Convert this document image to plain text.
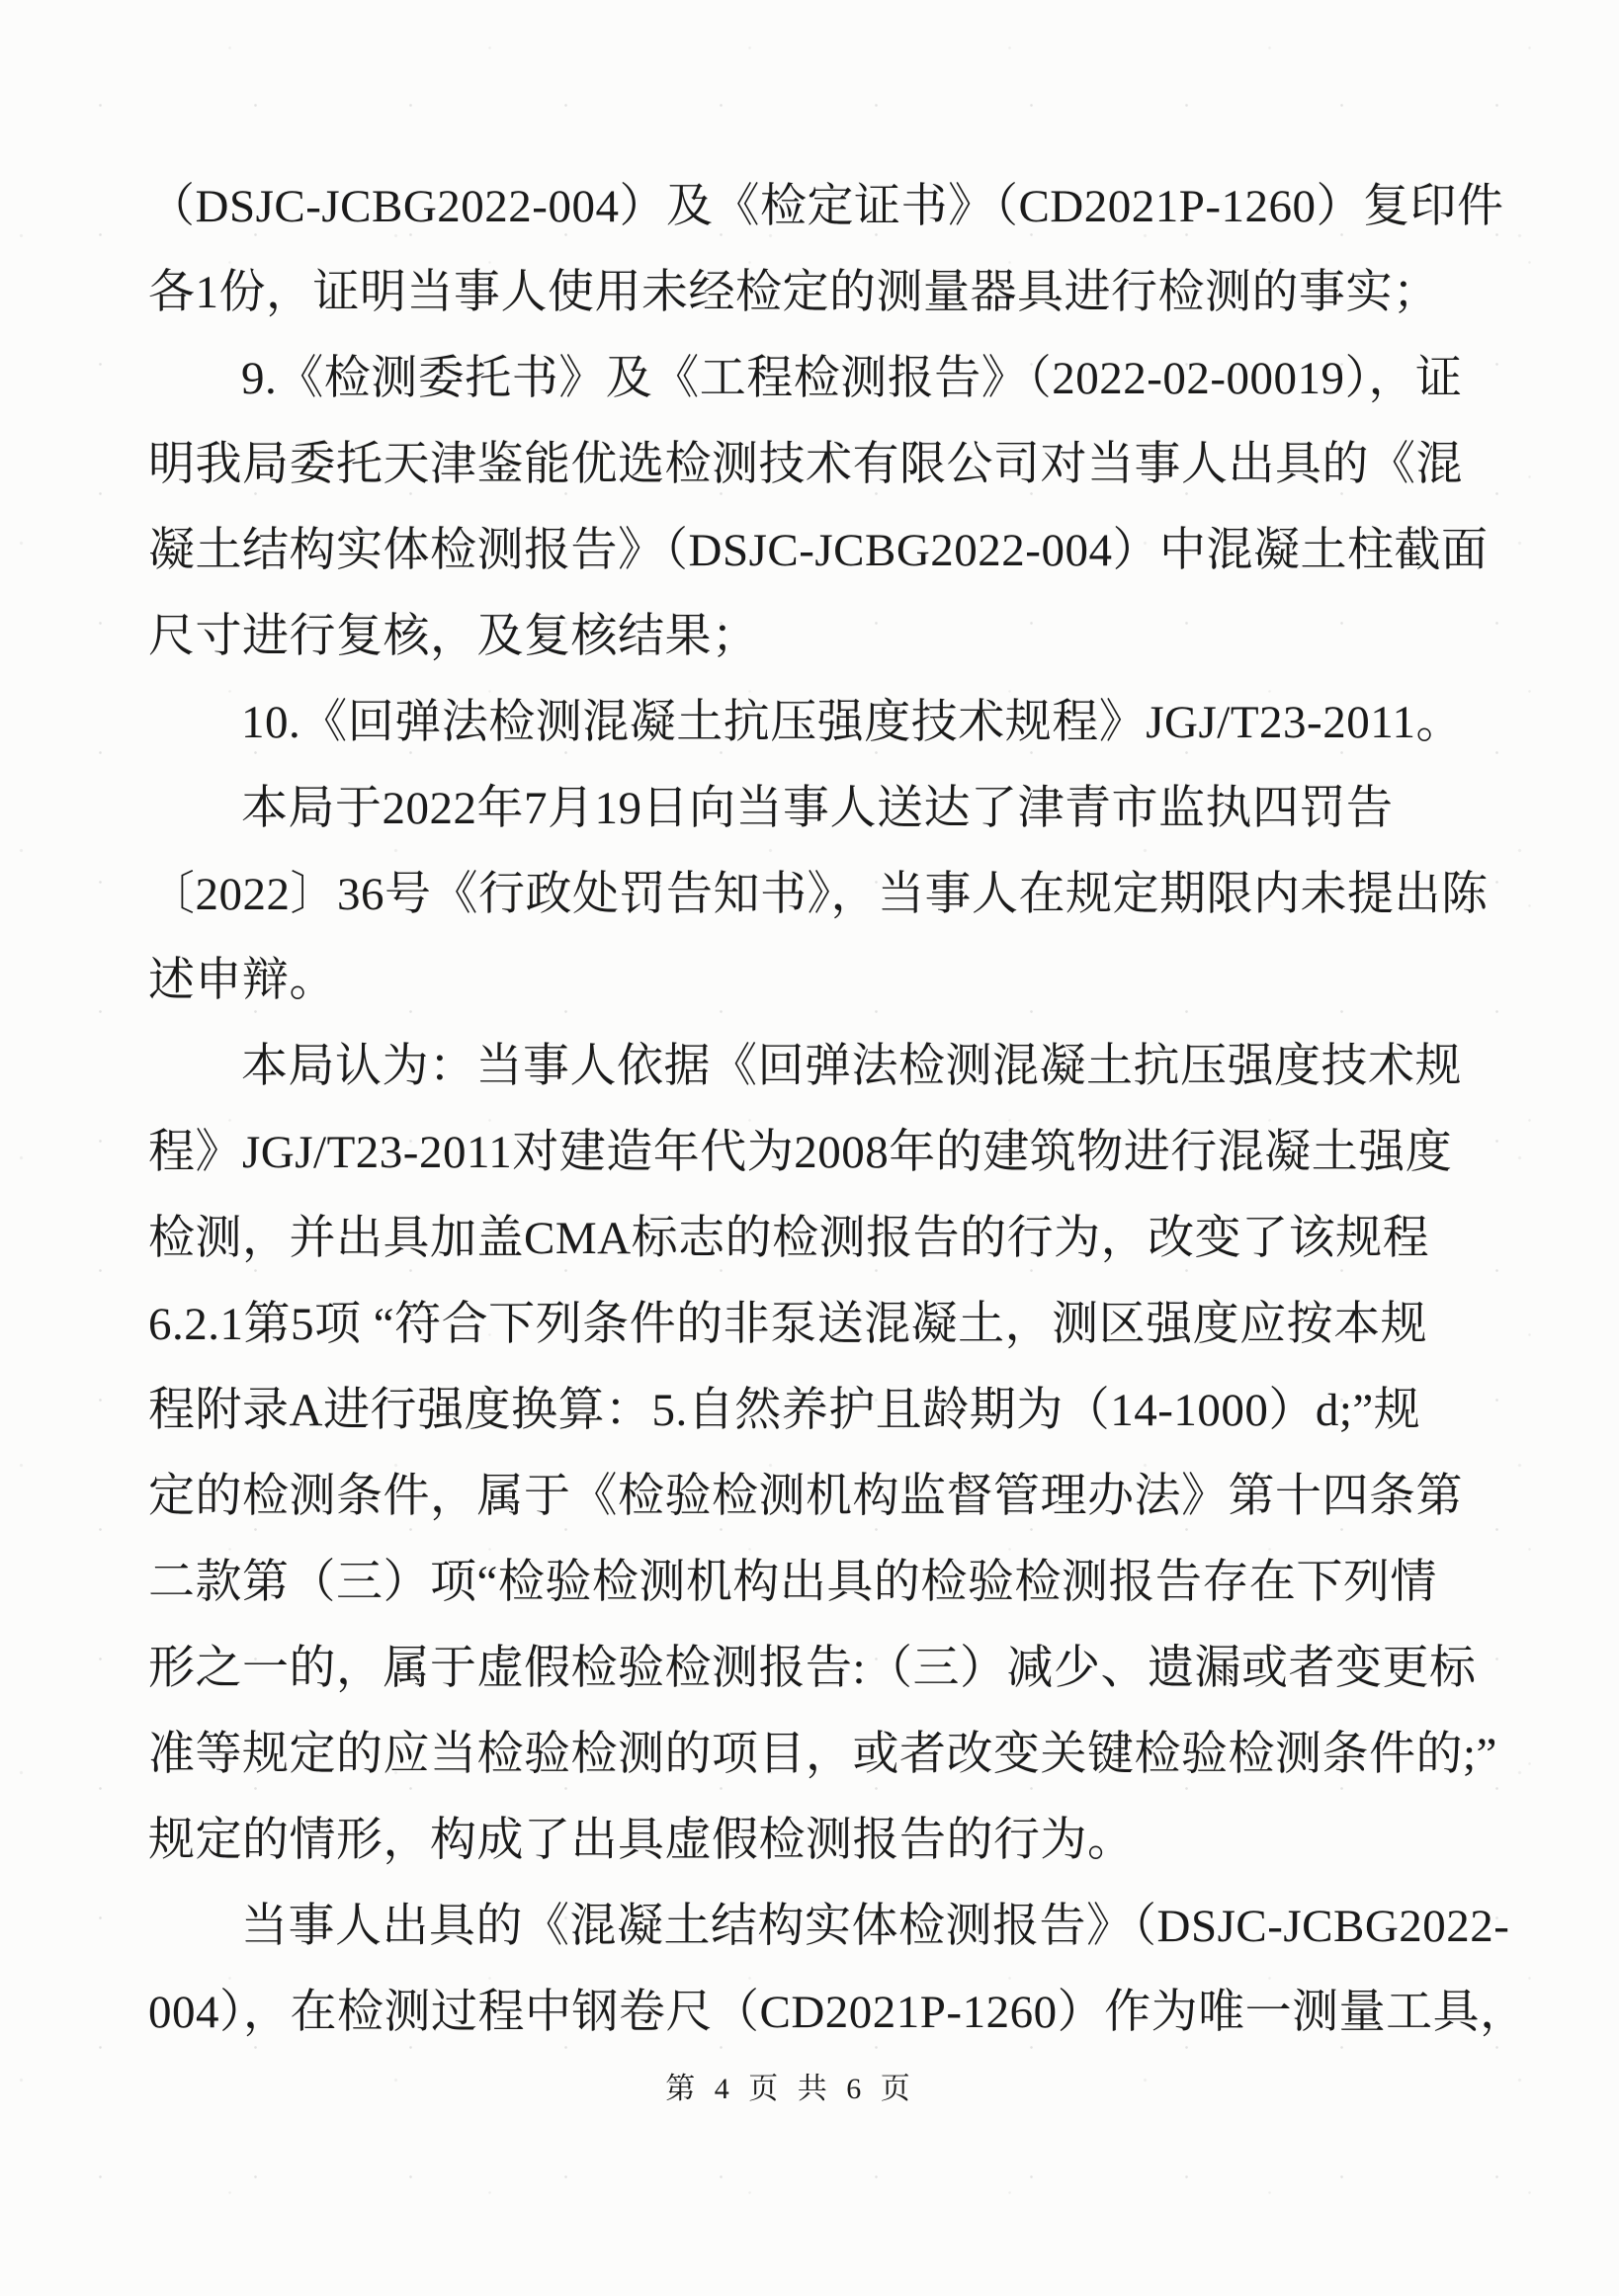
（DSJC-JCBG2022-004）及《检定证书》（CD2021P-1260）复印件

各1份，证明当事人使用未经检定的测量器具进行检测的事实；

9.《检测委托书》及《工程检测报告》（2022-02-00019），证

明我局委托天津鉴能优选检测技术有限公司对当事人出具的《混

凝土结构实体检测报告》（DSJC-JCBG2022-004）中混凝土柱截面

尺寸进行复核，及复核结果；

10.《回弹法检测混凝土抗压强度技术规程》JGJ/T23-2011。

本局于2022年7月19日向当事人送达了津青市监执四罚告

〔2022〕36号《行政处罚告知书》，当事人在规定期限内未提出陈

述申辩。

本局认为：当事人依据《回弹法检测混凝土抗压强度技术规

程》JGJ/T23-2011对建造年代为2008年的建筑物进行混凝土强度

检测，并出具加盖CMA标志的检测报告的行为，改变了该规程

6.2.1第5项 “符合下列条件的非泵送混凝土，测区强度应按本规

程附录A进行强度换算：5.自然养护且龄期为（14-1000）d;”规

定的检测条件，属于《检验检测机构监督管理办法》第十四条第

二款第（三）项“检验检测机构出具的检验检测报告存在下列情

形之一的，属于虚假检验检测报告:（三）减少、遗漏或者变更标

准等规定的应当检验检测的项目，或者改变关键检验检测条件的;”

规定的情形，构成了出具虚假检测报告的行为。

当事人出具的《混凝土结构实体检测报告》（DSJC-JCBG2022-

004），在检测过程中钢卷尺（CD2021P-1260）作为唯一测量工具，

第 4 页 共 6 页
